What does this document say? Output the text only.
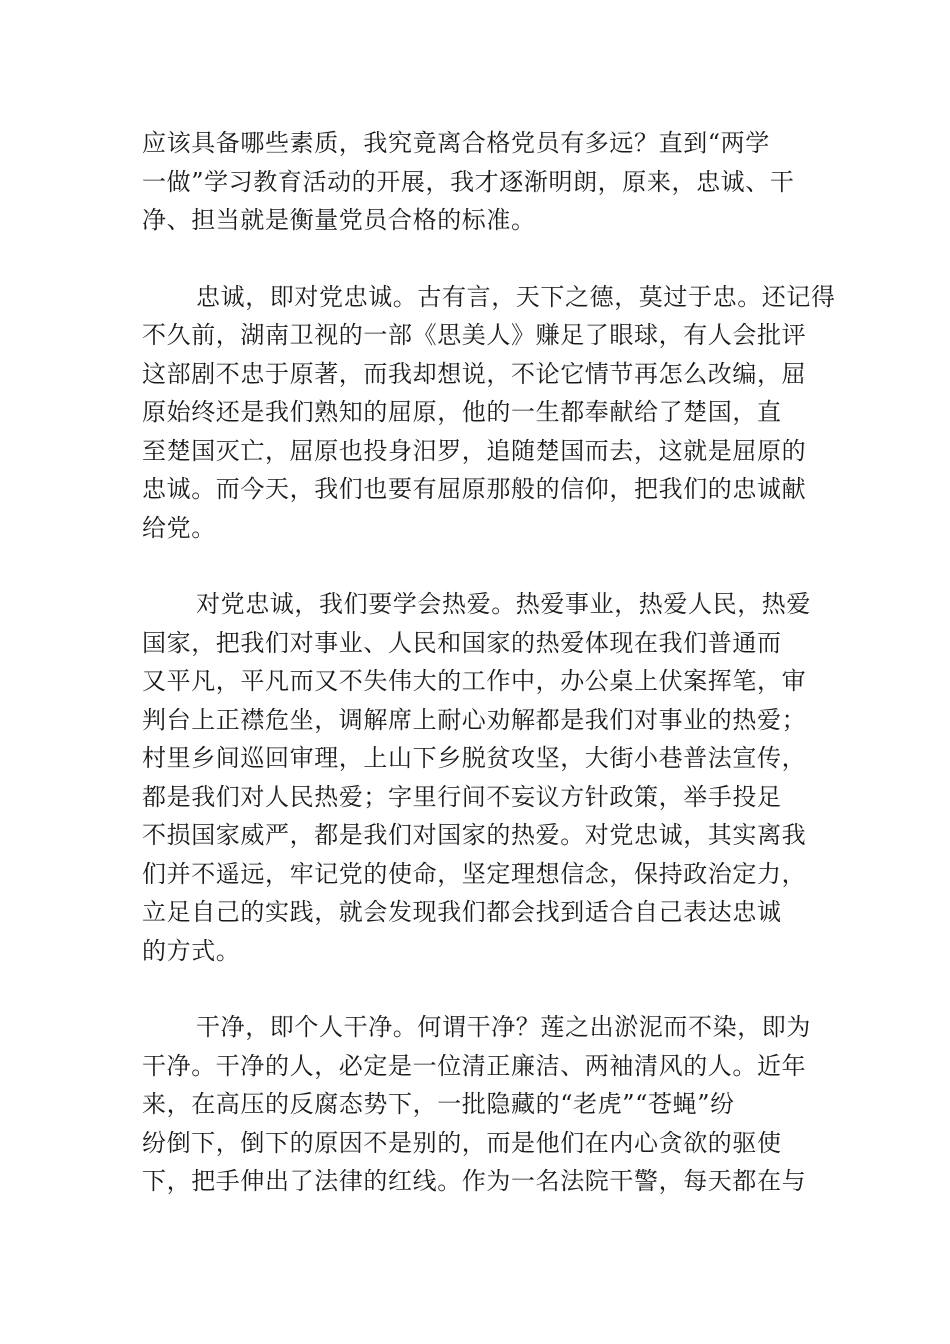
应该具备哪些素质，我究竟离合格党员有多远？直到“两学
一做”学习教育活动的开展，我才逐渐明朗，原来，忠诚、干
净、担当就是衡量党员合格的标准。

忠诚，即对党忠诚。古有言，天下之德，莫过于忠。还记得
不久前，湖南卫视的一部《思美人》赚足了眼球，有人会批评
这部剧不忠于原著，而我却想说，不论它情节再怎么改编，屈
原始终还是我们熟知的屈原，他的一生都奉献给了楚国，直
至楚国灭亡，屈原也投身汨罗，追随楚国而去，这就是屈原的
忠诚。而今天，我们也要有屈原那般的信仰，把我们的忠诚献
给党。

对党忠诚，我们要学会热爱。热爱事业，热爱人民，热爱
国家，把我们对事业、人民和国家的热爱体现在我们普通而
又平凡，平凡而又不失伟大的工作中，办公桌上伏案挥笔，审
判台上正襟危坐，调解席上耐心劝解都是我们对事业的热爱；
村里乡间巡回审理，上山下乡脱贫攻坚，大街小巷普法宣传，
都是我们对人民热爱；字里行间不妄议方针政策，举手投足
不损国家威严，都是我们对国家的热爱。对党忠诚，其实离我
们并不遥远，牢记党的使命，坚定理想信念，保持政治定力，
立足自己的实践，就会发现我们都会找到适合自己表达忠诚
的方式。

干净，即个人干净。何谓干净？莲之出淤泥而不染，即为
干净。干净的人，必定是一位清正廉洁、两袖清风的人。近年
来，在高压的反腐态势下，一批隐藏的“老虎”“苍蝇”纷
纷倒下，倒下的原因不是别的，而是他们在内心贪欲的驱使
下，把手伸出了法律的红线。作为一名法院干警，每天都在与
